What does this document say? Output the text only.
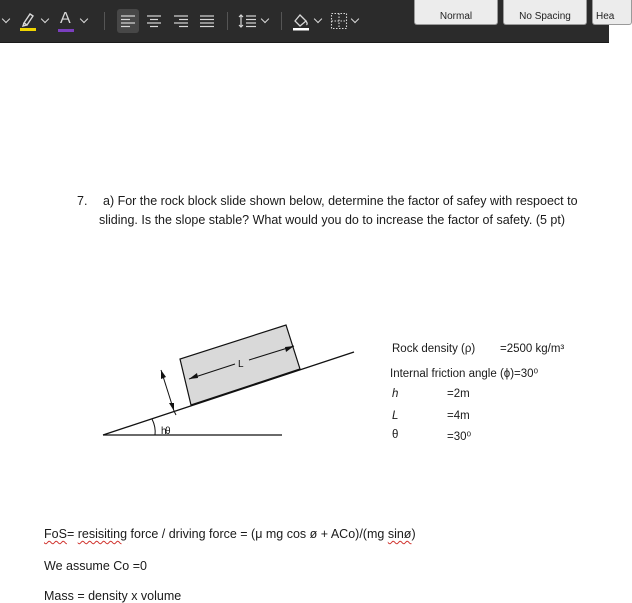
A	Normal	No Spacing	Hea
7. a) For the rock block slide shown below, determine the factor of safey with respoect to
sliding. Is the slope stable? What would you do to increase the factor of safety. (5 pt)
L
h
θ
Rock density (ρ) =2500 kg/m³
Internal friction angle (ϕ)=30⁰
h	=2m
L	=4m
θ	=30⁰
FoS= resisiting force / driving force = (μ mg cos ø + ACo)/(mg sinø)
We assume Co =0
Mass = density x volume
